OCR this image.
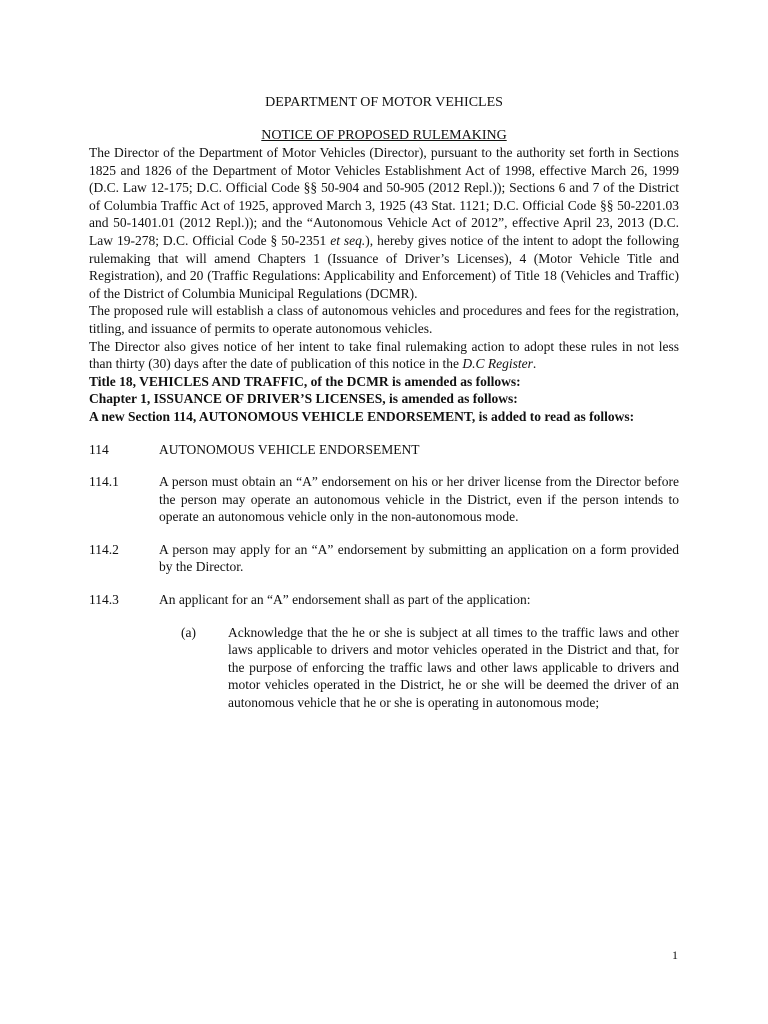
DEPARTMENT OF MOTOR VEHICLES

NOTICE OF PROPOSED RULEMAKING

The Director of the Department of Motor Vehicles (Director), pursuant to the authority set forth in Sections 1825 and 1826 of the Department of Motor Vehicles Establishment Act of 1998, effective March 26, 1999 (D.C. Law 12-175; D.C. Official Code §§ 50-904 and 50-905 (2012 Repl.)); Sections 6 and 7 of the District of Columbia Traffic Act of 1925, approved March 3, 1925 (43 Stat. 1121; D.C. Official Code §§ 50-2201.03 and 50-1401.01 (2012 Repl.)); and the “Autonomous Vehicle Act of 2012”, effective April 23, 2013 (D.C. Law 19-278; D.C. Official Code § 50-2351 et seq.), hereby gives notice of the intent to adopt the following rulemaking that will amend Chapters 1 (Issuance of Driver’s Licenses), 4 (Motor Vehicle Title and Registration), and 20 (Traffic Regulations: Applicability and Enforcement) of Title 18 (Vehicles and Traffic) of the District of Columbia Municipal Regulations (DCMR).

The proposed rule will establish a class of autonomous vehicles and procedures and fees for the registration, titling, and issuance of permits to operate autonomous vehicles.

The Director also gives notice of her intent to take final rulemaking action to adopt these rules in not less than thirty (30) days after the date of publication of this notice in the D.C Register.

Title 18, VEHICLES AND TRAFFIC, of the DCMR is amended as follows:

Chapter 1, ISSUANCE OF DRIVER’S LICENSES, is amended as follows:

A new Section 114, AUTONOMOUS VEHICLE ENDORSEMENT, is added to read as follows:

114	AUTONOMOUS VEHICLE ENDORSEMENT
114.1	A person must obtain an “A” endorsement on his or her driver license from the Director before the person may operate an autonomous vehicle in the District, even if the person intends to operate an autonomous vehicle only in the non-autonomous mode.
114.2	A person may apply for an “A” endorsement by submitting an application on a form provided by the Director.
114.3	An applicant for an “A” endorsement shall as part of the application:
(a)	Acknowledge that the he or she is subject at all times to the traffic laws and other laws applicable to drivers and motor vehicles operated in the District and that, for the purpose of enforcing the traffic laws and other laws applicable to drivers and motor vehicles operated in the District, he or she will be deemed the driver of an autonomous vehicle that he or she is operating in autonomous mode;
1
